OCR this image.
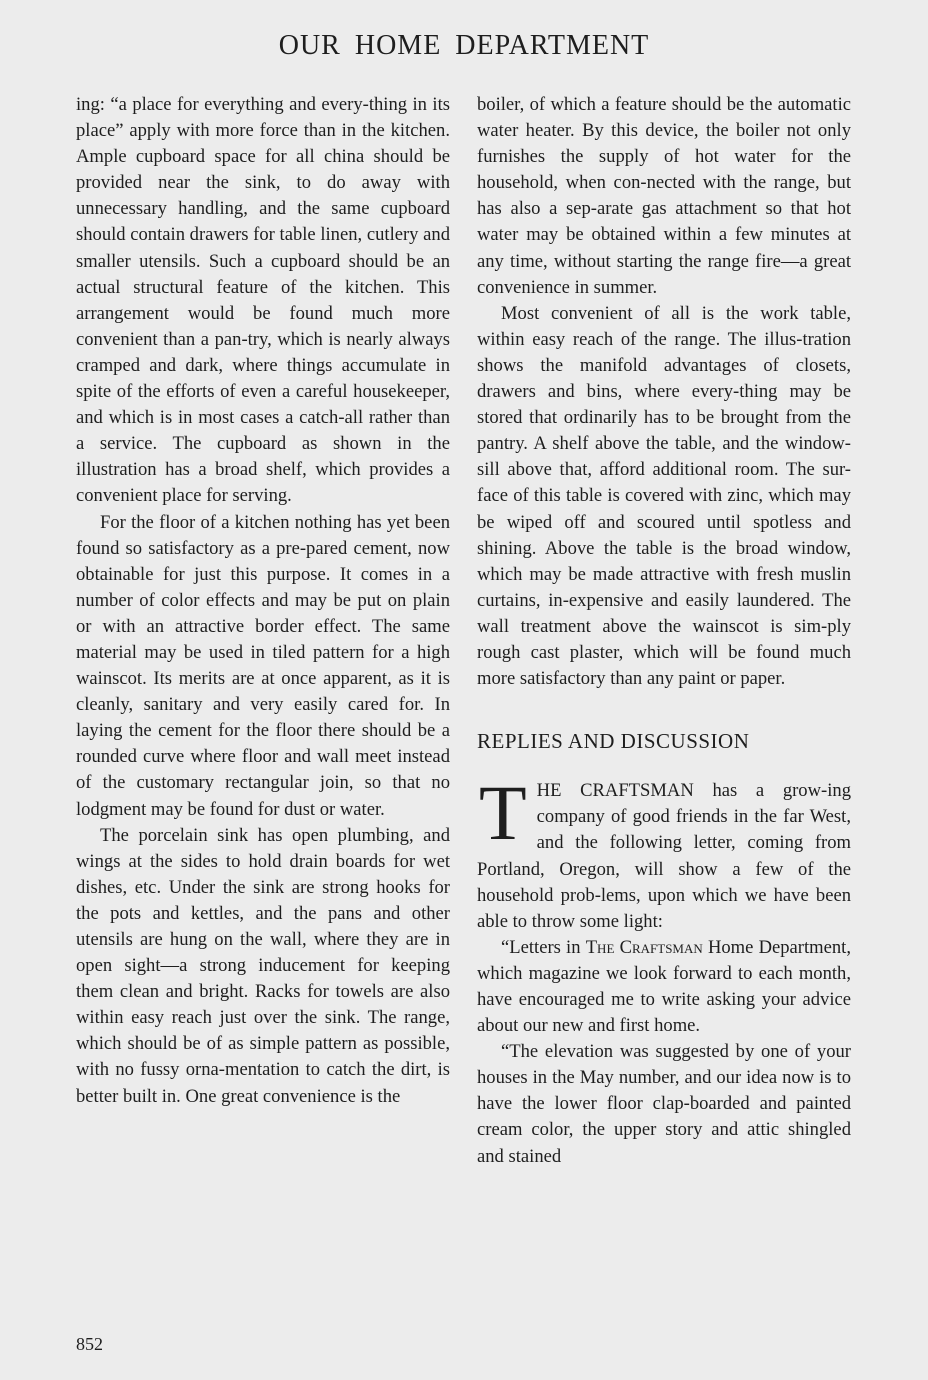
OUR HOME DEPARTMENT

ing: “a place for everything and every-thing in its place” apply with more force than in the kitchen. Ample cupboard space for all china should be provided near the sink, to do away with unnecessary handling, and the same cupboard should contain drawers for table linen, cutlery and smaller utensils. Such a cupboard should be an actual structural feature of the kitchen. This arrangement would be found much more convenient than a pan-try, which is nearly always cramped and dark, where things accumulate in spite of the efforts of even a careful housekeeper, and which is in most cases a catch-all rather than a service. The cupboard as shown in the illustration has a broad shelf, which provides a convenient place for serving.

For the floor of a kitchen nothing has yet been found so satisfactory as a pre-pared cement, now obtainable for just this purpose. It comes in a number of color effects and may be put on plain or with an attractive border effect. The same material may be used in tiled pattern for a high wainscot. Its merits are at once apparent, as it is cleanly, sanitary and very easily cared for. In laying the cement for the floor there should be a rounded curve where floor and wall meet instead of the customary rectangular join, so that no lodgment may be found for dust or water.

The porcelain sink has open plumbing, and wings at the sides to hold drain boards for wet dishes, etc. Under the sink are strong hooks for the pots and kettles, and the pans and other utensils are hung on the wall, where they are in open sight—a strong inducement for keeping them clean and bright. Racks for towels are also within easy reach just over the sink. The range, which should be of as simple pattern as possible, with no fussy orna-mentation to catch the dirt, is better built in. One great convenience is the

boiler, of which a feature should be the automatic water heater. By this device, the boiler not only furnishes the supply of hot water for the household, when con-nected with the range, but has also a sep-arate gas attachment so that hot water may be obtained within a few minutes at any time, without starting the range fire—a great convenience in summer.

Most convenient of all is the work table, within easy reach of the range. The illus-tration shows the manifold advantages of closets, drawers and bins, where every-thing may be stored that ordinarily has to be brought from the pantry. A shelf above the table, and the window-sill above that, afford additional room. The sur-face of this table is covered with zinc, which may be wiped off and scoured until spotless and shining. Above the table is the broad window, which may be made attractive with fresh muslin curtains, in-expensive and easily laundered. The wall treatment above the wainscot is sim-ply rough cast plaster, which will be found much more satisfactory than any paint or paper.

REPLIES AND DISCUSSION

THE CRAFTSMAN has a grow-ing company of good friends in the far West, and the following letter, coming from Portland, Oregon, will show a few of the household prob-lems, upon which we have been able to throw some light:

“Letters in The Craftsman Home Department, which magazine we look forward to each month, have encouraged me to write asking your advice about our new and first home.

“The elevation was suggested by one of your houses in the May number, and our idea now is to have the lower floor clap-boarded and painted cream color, the upper story and attic shingled and stained

852
